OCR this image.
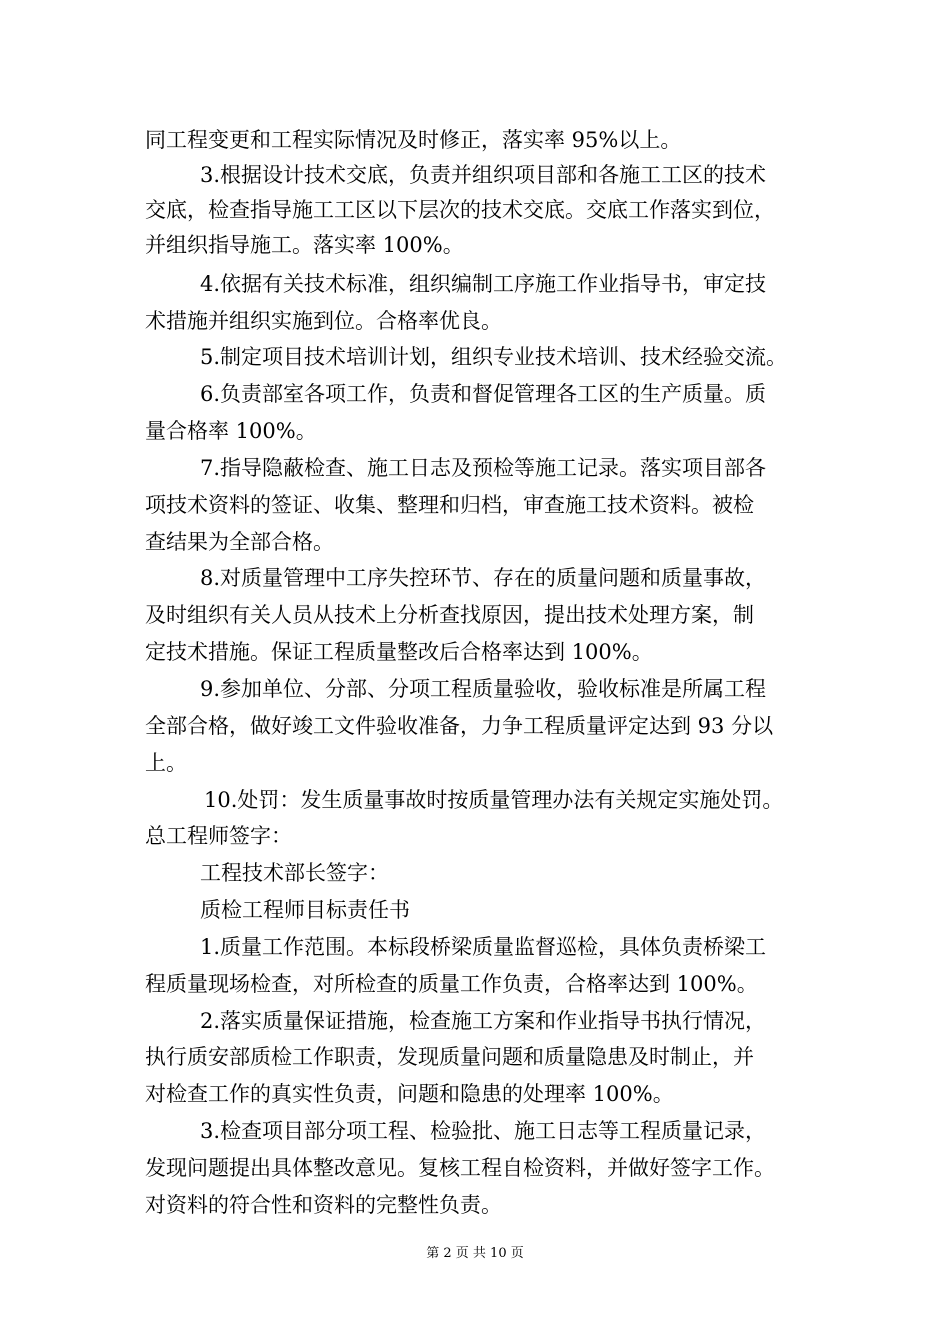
同工程变更和工程实际情况及时修正，落实率 95%以上。
3.根据设计技术交底，负责并组织项目部和各施工工区的技术
交底，检查指导施工工区以下层次的技术交底。交底工作落实到位，
并组织指导施工。落实率 100%。
4.依据有关技术标准，组织编制工序施工作业指导书，审定技
术措施并组织实施到位。合格率优良。
5.制定项目技术培训计划，组织专业技术培训、技术经验交流。
6.负责部室各项工作，负责和督促管理各工区的生产质量。质
量合格率 100%。
7.指导隐蔽检查、施工日志及预检等施工记录。落实项目部各
项技术资料的签证、收集、整理和归档，审查施工技术资料。被检
查结果为全部合格。
8.对质量管理中工序失控环节、存在的质量问题和质量事故，
及时组织有关人员从技术上分析查找原因，提出技术处理方案，制
定技术措施。保证工程质量整改后合格率达到 100%。
9.参加单位、分部、分项工程质量验收，验收标准是所属工程
全部合格，做好竣工文件验收准备，力争工程质量评定达到 93 分以
上。
10.处罚：发生质量事故时按质量管理办法有关规定实施处罚。
总工程师签字：
工程技术部长签字：
质检工程师目标责任书
1.质量工作范围。本标段桥梁质量监督巡检，具体负责桥梁工
程质量现场检查，对所检查的质量工作负责，合格率达到 100%。
2.落实质量保证措施，检查施工方案和作业指导书执行情况，
执行质安部质检工作职责，发现质量问题和质量隐患及时制止，并
对检查工作的真实性负责，问题和隐患的处理率 100%。
3.检查项目部分项工程、检验批、施工日志等工程质量记录，
发现问题提出具体整改意见。复核工程自检资料，并做好签字工作。
对资料的符合性和资料的完整性负责。
第 2 页 共 10 页
